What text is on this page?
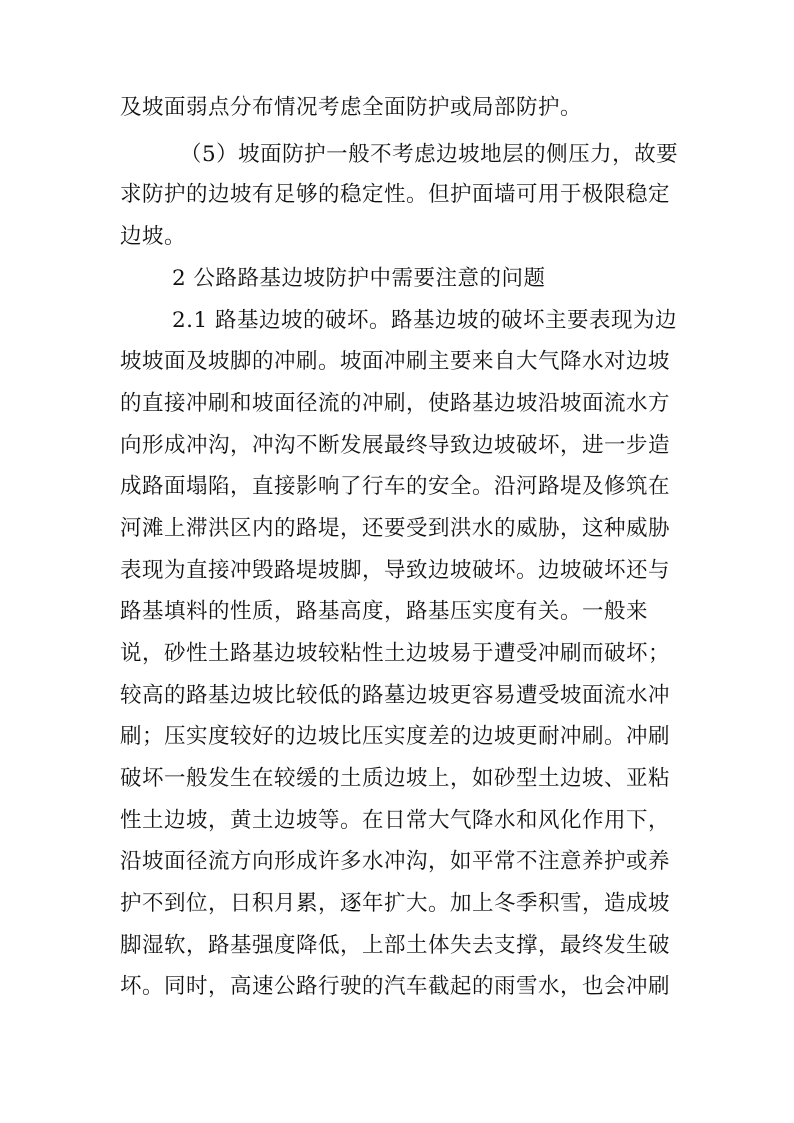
及坡面弱点分布情况考虑全面防护或局部防护。
（5）坡面防护一般不考虑边坡地层的侧压力，故要
求防护的边坡有足够的稳定性。但护面墙可用于极限稳定
边坡。
2 公路路基边坡防护中需要注意的问题
2.1 路基边坡的破坏。路基边坡的破坏主要表现为边
坡坡面及坡脚的冲刷。坡面冲刷主要来自大气降水对边坡
的直接冲刷和坡面径流的冲刷，使路基边坡沿坡面流水方
向形成冲沟，冲沟不断发展最终导致边坡破坏，进一步造
成路面塌陷，直接影响了行车的安全。沿河路堤及修筑在
河滩上滞洪区内的路堤，还要受到洪水的威胁，这种威胁
表现为直接冲毁路堤坡脚，导致边坡破坏。边坡破坏还与
路基填料的性质，路基高度，路基压实度有关。一般来
说，砂性土路基边坡较粘性土边坡易于遭受冲刷而破坏；
较高的路基边坡比较低的路墓边坡更容易遭受坡面流水冲
刷；压实度较好的边坡比压实度差的边坡更耐冲刷。冲刷
破坏一般发生在较缓的土质边坡上，如砂型土边坡、亚粘
性土边坡，黄土边坡等。在日常大气降水和风化作用下，
沿坡面径流方向形成许多水冲沟，如平常不注意养护或养
护不到位，日积月累，逐年扩大。加上冬季积雪，造成坡
脚湿软，路基强度降低，上部土体失去支撑，最终发生破
坏。同时，高速公路行驶的汽车截起的雨雪水，也会冲刷
